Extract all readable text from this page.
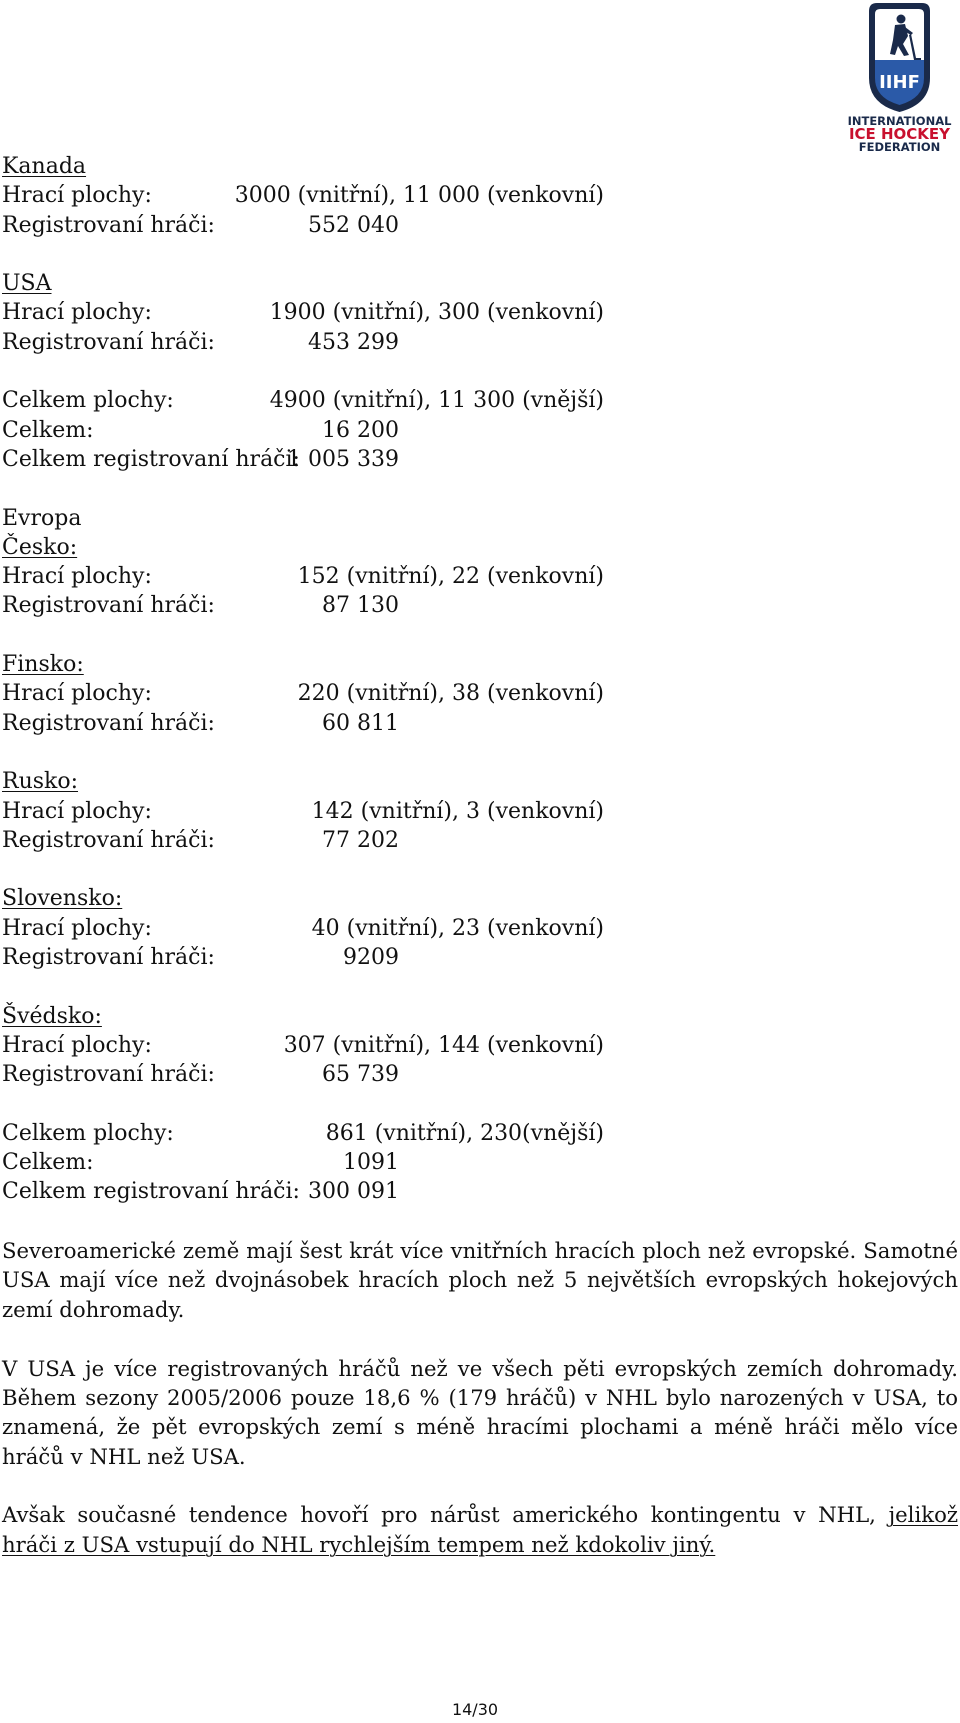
IIHF
INTERNATIONAL
ICE HOCKEY
FEDERATION
Kanada
Hrací plochy:	3000 (vnitřní), 11 000 (venkovní)
Registrovaní hráči:	552 040
USA
Hrací plochy:	1900 (vnitřní), 300 (venkovní)
Registrovaní hráči:	453 299
Celkem plochy:	4900 (vnitřní), 11 300 (vnější)
Celkem:	16 200
Celkem registrovaní hráči:
1 005 339
Evropa
Česko:
Hrací plochy:	152 (vnitřní), 22 (venkovní)
Registrovaní hráči:	87 130
Finsko:
Hrací plochy:	220 (vnitřní), 38 (venkovní)
Registrovaní hráči:	60 811
Rusko:
Hrací plochy:	142 (vnitřní), 3 (venkovní)
Registrovaní hráči:	77 202
Slovensko:
Hrací plochy:	40 (vnitřní), 23 (venkovní)
Registrovaní hráči:	9209
Švédsko:
Hrací plochy:	307 (vnitřní), 144 (venkovní)
Registrovaní hráči:	65 739
Celkem plochy:	861 (vnitřní), 230(vnější)
Celkem:	1091
Celkem registrovaní hráči: 300 091

Severoamerické země mají šest krát více vnitřních hracích ploch než evropské. Samotné USA mají více než dvojnásobek hracích ploch než 5 největších evropských hokejových zemí dohromady.

V USA je více registrovaných hráčů než ve všech pěti evropských zemích dohromady. Během sezony 2005/2006 pouze 18,6 % (179 hráčů) v NHL bylo narozených v USA, to znamená, že pět evropských zemí s méně hracími plochami a méně hráči mělo více hráčů v NHL než USA.

Avšak současné tendence hovoří pro nárůst amerického kontingentu v NHL, jelikož hráči z USA vstupují do NHL rychlejším tempem než kdokoliv jiný.

14/30
